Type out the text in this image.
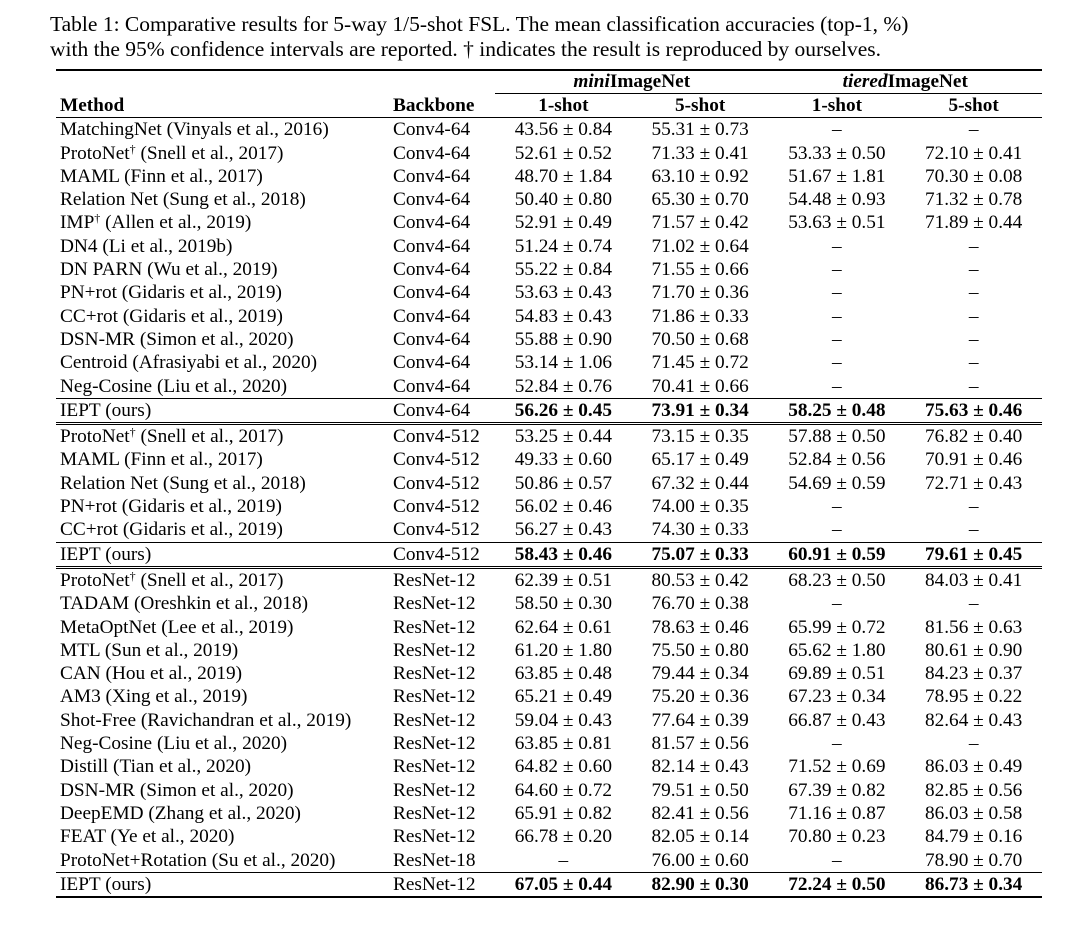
Table 1: Comparative results for 5-way 1/5-shot FSL. The mean classification accuracies (top-1, %)
with the 95% confidence intervals are reported. † indicates the result is reproduced by ourselves.
		miniImageNet		tieredImageNet	
Method	Backbone	1-shot	5-shot	1-shot	5-shot
MatchingNet (Vinyals et al., 2016)	Conv4-64	43.56 ± 0.84	55.31 ± 0.73	–	–
ProtoNet† (Snell et al., 2017)	Conv4-64	52.61 ± 0.52	71.33 ± 0.41	53.33 ± 0.50	72.10 ± 0.41
MAML (Finn et al., 2017)	Conv4-64	48.70 ± 1.84	63.10 ± 0.92	51.67 ± 1.81	70.30 ± 0.08
Relation Net (Sung et al., 2018)	Conv4-64	50.40 ± 0.80	65.30 ± 0.70	54.48 ± 0.93	71.32 ± 0.78
IMP† (Allen et al., 2019)	Conv4-64	52.91 ± 0.49	71.57 ± 0.42	53.63 ± 0.51	71.89 ± 0.44
DN4 (Li et al., 2019b)	Conv4-64	51.24 ± 0.74	71.02 ± 0.64	–	–
DN PARN (Wu et al., 2019)	Conv4-64	55.22 ± 0.84	71.55 ± 0.66	–	–
PN+rot (Gidaris et al., 2019)	Conv4-64	53.63 ± 0.43	71.70 ± 0.36	–	–
CC+rot (Gidaris et al., 2019)	Conv4-64	54.83 ± 0.43	71.86 ± 0.33	–	–
DSN-MR (Simon et al., 2020)	Conv4-64	55.88 ± 0.90	70.50 ± 0.68	–	–
Centroid (Afrasiyabi et al., 2020)	Conv4-64	53.14 ± 1.06	71.45 ± 0.72	–	–
Neg-Cosine (Liu et al., 2020)	Conv4-64	52.84 ± 0.76	70.41 ± 0.66	–	–
IEPT (ours)	Conv4-64	56.26 ± 0.45	73.91 ± 0.34	58.25 ± 0.48	75.63 ± 0.46
ProtoNet† (Snell et al., 2017)	Conv4-512	53.25 ± 0.44	73.15 ± 0.35	57.88 ± 0.50	76.82 ± 0.40
MAML (Finn et al., 2017)	Conv4-512	49.33 ± 0.60	65.17 ± 0.49	52.84 ± 0.56	70.91 ± 0.46
Relation Net (Sung et al., 2018)	Conv4-512	50.86 ± 0.57	67.32 ± 0.44	54.69 ± 0.59	72.71 ± 0.43
PN+rot (Gidaris et al., 2019)	Conv4-512	56.02 ± 0.46	74.00 ± 0.35	–	–
CC+rot (Gidaris et al., 2019)	Conv4-512	56.27 ± 0.43	74.30 ± 0.33	–	–
IEPT (ours)	Conv4-512	58.43 ± 0.46	75.07 ± 0.33	60.91 ± 0.59	79.61 ± 0.45
ProtoNet† (Snell et al., 2017)	ResNet-12	62.39 ± 0.51	80.53 ± 0.42	68.23 ± 0.50	84.03 ± 0.41
TADAM (Oreshkin et al., 2018)	ResNet-12	58.50 ± 0.30	76.70 ± 0.38	–	–
MetaOptNet (Lee et al., 2019)	ResNet-12	62.64 ± 0.61	78.63 ± 0.46	65.99 ± 0.72	81.56 ± 0.63
MTL (Sun et al., 2019)	ResNet-12	61.20 ± 1.80	75.50 ± 0.80	65.62 ± 1.80	80.61 ± 0.90
CAN (Hou et al., 2019)	ResNet-12	63.85 ± 0.48	79.44 ± 0.34	69.89 ± 0.51	84.23 ± 0.37
AM3 (Xing et al., 2019)	ResNet-12	65.21 ± 0.49	75.20 ± 0.36	67.23 ± 0.34	78.95 ± 0.22
Shot-Free (Ravichandran et al., 2019)	ResNet-12	59.04 ± 0.43	77.64 ± 0.39	66.87 ± 0.43	82.64 ± 0.43
Neg-Cosine (Liu et al., 2020)	ResNet-12	63.85 ± 0.81	81.57 ± 0.56	–	–
Distill (Tian et al., 2020)	ResNet-12	64.82 ± 0.60	82.14 ± 0.43	71.52 ± 0.69	86.03 ± 0.49
DSN-MR (Simon et al., 2020)	ResNet-12	64.60 ± 0.72	79.51 ± 0.50	67.39 ± 0.82	82.85 ± 0.56
DeepEMD (Zhang et al., 2020)	ResNet-12	65.91 ± 0.82	82.41 ± 0.56	71.16 ± 0.87	86.03 ± 0.58
FEAT (Ye et al., 2020)	ResNet-12	66.78 ± 0.20	82.05 ± 0.14	70.80 ± 0.23	84.79 ± 0.16
ProtoNet+Rotation (Su et al., 2020)	ResNet-18	–	76.00 ± 0.60	–	78.90 ± 0.70
IEPT (ours)	ResNet-12	67.05 ± 0.44	82.90 ± 0.30	72.24 ± 0.50	86.73 ± 0.34
